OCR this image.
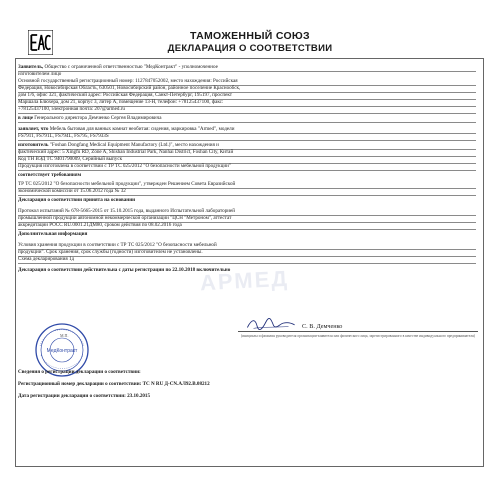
ТАМОЖЕННЫЙ СОЮЗ
ДЕКЛАРАЦИЯ О СООТВЕТСТВИИ
АРМЕД
Заявитель, Общество с ограниченной ответственностью "МедКонтракт" - уполномоченное
изготовителем лицо
Основной государственный регистрационный номер: 1127847052002, место нахождения: Российская
Федерация, Новосибирская Область, 630501, Новосибирский район, районное поселение Краснообск,
дом 1/6, офис 321, фактический адрес: Российская Федерация, Санкт-Петербург, 195197, проспект
Маршала Блюхера, дом 21, корпус 3, литер А, помещение 13-Н, телефон: +78125437100, факс:
+78125437100, электронная почта: 207@armed.ru
в лице Генерального директора Демченко Сергея Владимировича
заявляет, что Мебель бытовая для ванных комнат необитая: сидения, маркировка "Armed", модели
FS7911, FS791L, FS794L, FS795, FS7933S
изготовитель "Foshan Dongfang Medical Equipment Manufactory (Ltd.)", место нахождения и
фактический адрес: 5 Xingfu RD, Zone A, Shishan Industrial Park, Nanhai District, Foshan City, Китай
Код ТН ВЭД ТС 9401790009, Серийный выпуск
Продукция изготовлена в соответствии с ТР ТС 025/2012 "О безопасности мебельной продукции"
соответствует требованиям
ТР ТС 025/2012 "О безопасности мебельной продукции", утвержден Решением Совета Евразийской
экономической комиссии от 15.06.2012 года № 32
Декларация о соответствии принята на основании
Протокол испытаний № 678-5665-2015 от 15.10.2015 года, выданного Испытательной лабораторией
промышленной продукции автономной некоммерческой организации "ЦСН "Метроном", аттестат
аккредитации РОСС RU.0001.21ДМ80, сроком действия по 08.02.2016 года
Дополнительная информация
Условия хранения продукции в соответствии с ТР ТС 025/2012 "О безопасности мебельной
продукции". Срок хранения, срок службы (годности) изготовителем не установлены.
Схема декларирования 1д
Декларация о соответствии действительна с даты регистрации по 22.10.2018 включительно
С. В. Демченко
(инициалы и фамилия руководителя организации-заявителя или физического лица, зарегистрированного в качестве индивидуального предпринимателя)
МедКонтракт
М.П.
Сведения о регистрации декларации о соответствии:
Регистрационный номер декларации о соответствии: ТС N RU Д-CN.АЛ92.В.08212
Дата регистрации декларации о соответствии: 23.10.2015
